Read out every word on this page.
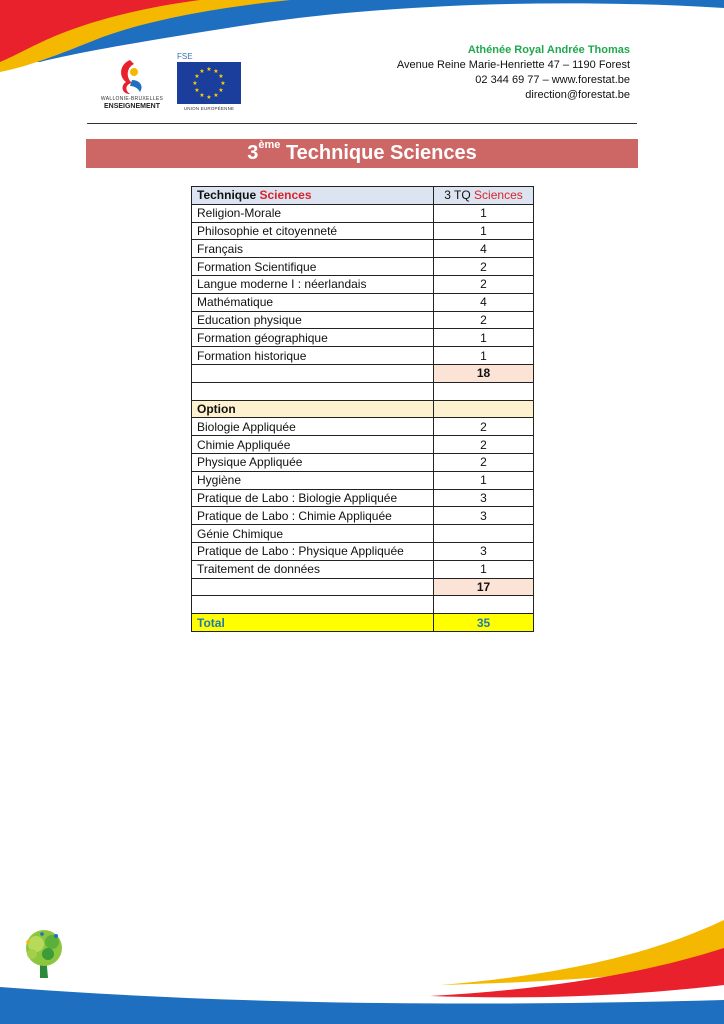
Athénée Royal Andrée Thomas
Avenue Reine Marie-Henriette 47 – 1190 Forest
02 344 69 77 – www.forestat.be
direction@forestat.be
WALLONIE-BRUXELLES
ENSEIGNEMENT
FSE
★ ★
★
★
★
★
★
★
★
★
★
★
UNION EUROPÉENNE
3ème Technique Sciences
Technique Sciences	3 TQ Sciences
Religion-Morale	1
Philosophie et citoyenneté	1
Français	4
Formation Scientifique	2
Langue moderne I : néerlandais	2
Mathématique	4
Education physique	2
Formation géographique	1
Formation historique	1
	18

Option	
Biologie Appliquée	2
Chimie Appliquée	2
Physique Appliquée	2
Hygiène	1
Pratique de Labo : Biologie Appliquée	3
Pratique de Labo : Chimie Appliquée	3
Génie Chimique	
Pratique de Labo : Physique Appliquée	3
Traitement de données	1
	17

Total	35
